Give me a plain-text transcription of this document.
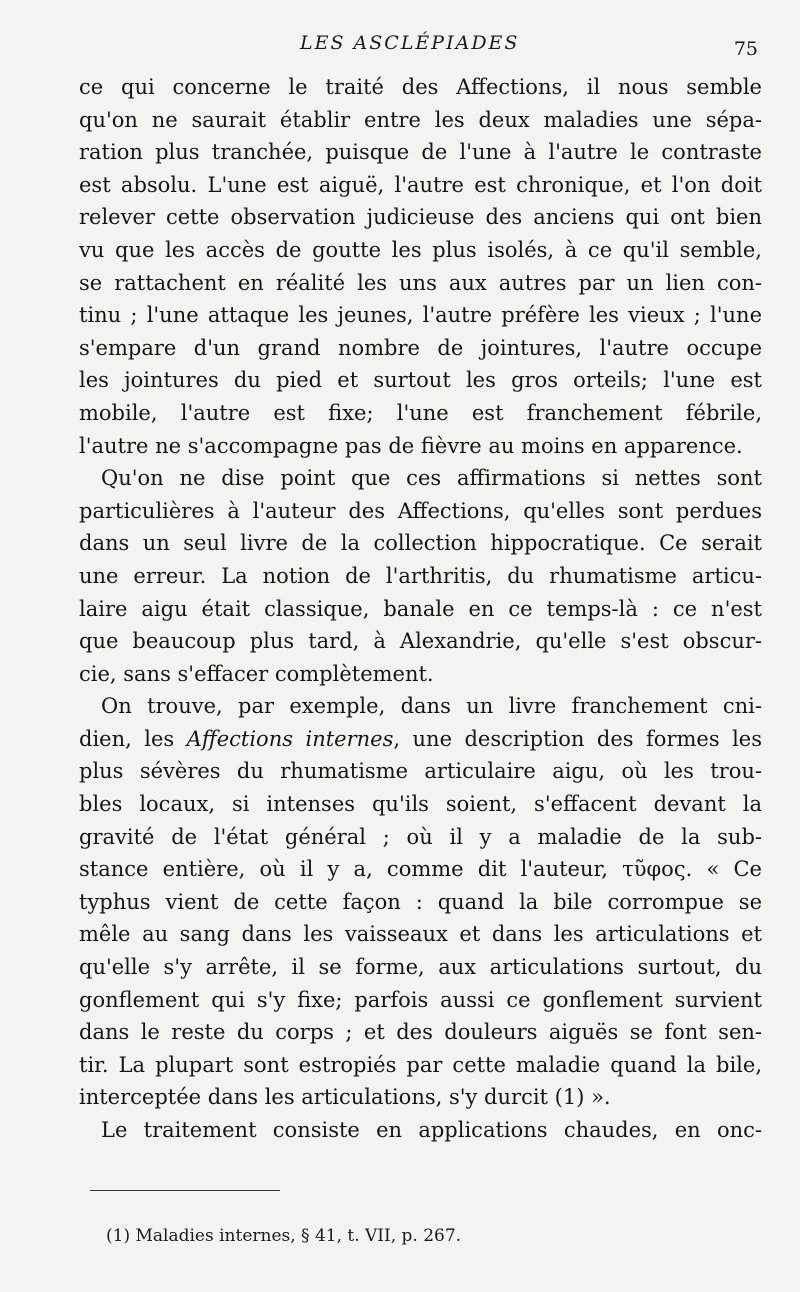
LES ASCLÉPIADES	75
ce qui concerne le traité des Affections, il nous semble
qu'on ne saurait établir entre les deux maladies une sépa-
ration plus tranchée, puisque de l'une à l'autre le contraste
est absolu. L'une est aiguë, l'autre est chronique, et l'on doit
relever cette observation judicieuse des anciens qui ont bien
vu que les accès de goutte les plus isolés, à ce qu'il semble,
se rattachent en réalité les uns aux autres par un lien con-
tinu ; l'une attaque les jeunes, l'autre préfère les vieux ; l'une
s'empare d'un grand nombre de jointures, l'autre occupe
les jointures du pied et surtout les gros orteils; l'une est
mobile, l'autre est fixe; l'une est franchement fébrile,
l'autre ne s'accompagne pas de fièvre au moins en apparence.
Qu'on ne dise point que ces affirmations si nettes sont
particulières à l'auteur des Affections, qu'elles sont perdues
dans un seul livre de la collection hippocratique. Ce serait
une erreur. La notion de l'arthritis, du rhumatisme articu-
laire aigu était classique, banale en ce temps-là : ce n'est
que beaucoup plus tard, à Alexandrie, qu'elle s'est obscur-
cie, sans s'effacer complètement.
On trouve, par exemple, dans un livre franchement cni-
dien, les Affections internes, une description des formes les
plus sévères du rhumatisme articulaire aigu, où les trou-
bles locaux, si intenses qu'ils soient, s'effacent devant la
gravité de l'état général ; où il y a maladie de la sub-
stance entière, où il y a, comme dit l'auteur, τῦφος. « Ce
typhus vient de cette façon : quand la bile corrompue se
mêle au sang dans les vaisseaux et dans les articulations et
qu'elle s'y arrête, il se forme, aux articulations surtout, du
gonflement qui s'y fixe; parfois aussi ce gonflement survient
dans le reste du corps ; et des douleurs aiguës se font sen-
tir. La plupart sont estropiés par cette maladie quand la bile,
interceptée dans les articulations, s'y durcit (1) ».
Le traitement consiste en applications chaudes, en onc-
(1) Maladies internes, § 41, t. VII, p. 267.
